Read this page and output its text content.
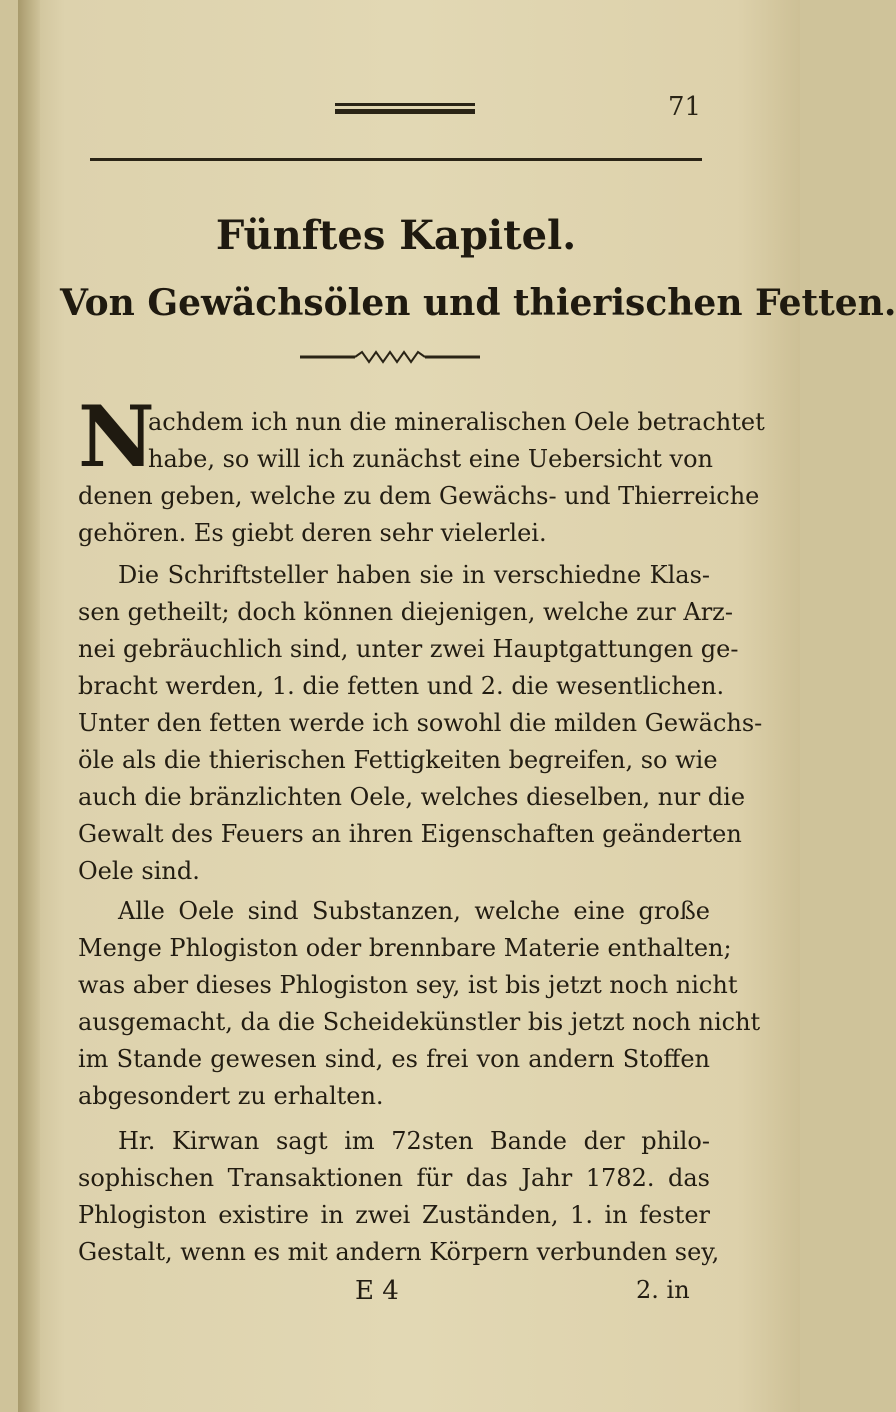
71
Fünftes Kapitel.
Von Gewächsölen und thierischen Fetten.
N
achdem ich nun die mineralischen Oele betrachtet
habe, so will ich zunächst eine Uebersicht von
denen geben, welche zu dem Gewächs- und Thierreiche
gehören. Es giebt deren sehr vielerlei.
Die Schriftsteller haben sie in verschiedne Klas-
sen getheilt; doch können diejenigen, welche zur Arz-
nei gebräuchlich sind, unter zwei Hauptgattungen ge-
bracht werden, 1. die fetten und 2. die wesentlichen.
Unter den fetten werde ich sowohl die milden Gewächs-
öle als die thierischen Fettigkeiten begreifen, so wie
auch die bränzlichten Oele, welches dieselben, nur die
Gewalt des Feuers an ihren Eigenschaften geänderten
Oele sind.
Alle Oele sind Substanzen, welche eine große
Menge Phlogiston oder brennbare Materie enthalten;
was aber dieses Phlogiston sey, ist bis jetzt noch nicht
ausgemacht, da die Scheidekünstler bis jetzt noch nicht
im Stande gewesen sind, es frei von andern Stoffen
abgesondert zu erhalten.
Hr. Kirwan sagt im 72sten Bande der philo-
sophischen Transaktionen für das Jahr 1782. das
Phlogiston existire in zwei Zuständen, 1. in fester
Gestalt, wenn es mit andern Körpern verbunden sey,
E 4	2. in
